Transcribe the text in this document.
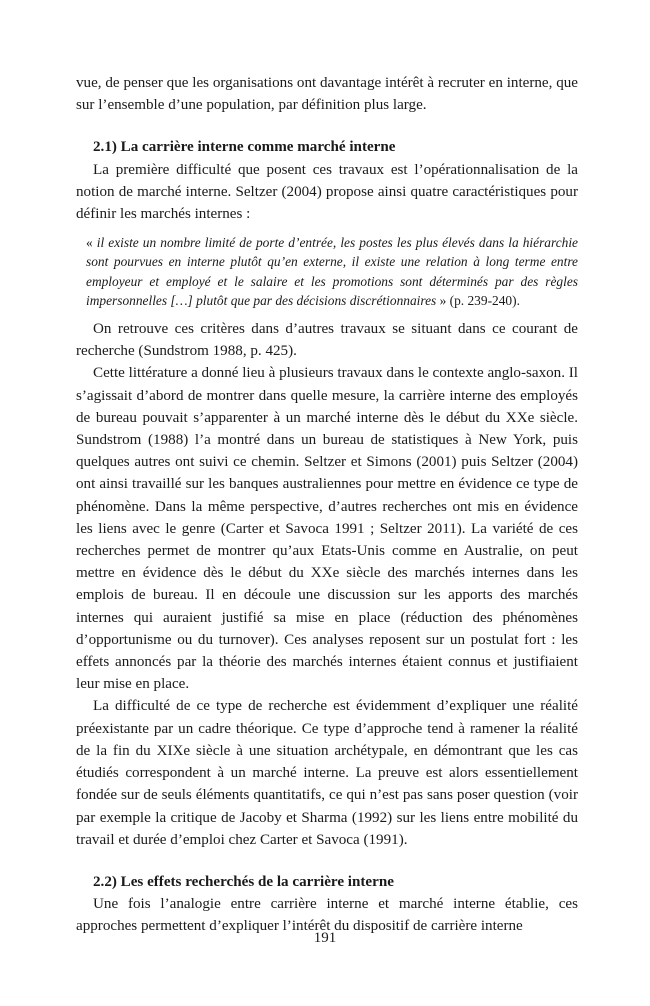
vue, de penser que les organisations ont davantage intérêt à recruter en interne, que sur l’ensemble d’une population, par définition plus large.

2.1) La carrière interne comme marché interne

La première difficulté que posent ces travaux est l’opérationnalisation de la notion de marché interne. Seltzer (2004) propose ainsi quatre caractéristiques pour définir les marchés internes :

« il existe un nombre limité de porte d’entrée, les postes les plus élevés dans la hiérarchie sont pourvues en interne plutôt qu’en externe, il existe une relation à long terme entre employeur et employé et le salaire et les promotions sont déterminés par des règles impersonnelles […] plutôt que par des décisions discrétionnaires » (p. 239-240).

On retrouve ces critères dans d’autres travaux se situant dans ce courant de recherche (Sundstrom 1988, p. 425).

Cette littérature a donné lieu à plusieurs travaux dans le contexte anglo-saxon. Il s’agissait d’abord de montrer dans quelle mesure, la carrière interne des employés de bureau pouvait s’apparenter à un marché interne dès le début du XXe siècle. Sundstrom (1988) l’a montré dans un bureau de statistiques à New York, puis quelques autres ont suivi ce chemin. Seltzer et Simons (2001) puis Seltzer (2004) ont ainsi travaillé sur les banques australiennes pour mettre en évidence ce type de phénomène. Dans la même perspective, d’autres recherches ont mis en évidence les liens avec le genre (Carter et Savoca 1991 ; Seltzer 2011). La variété de ces recherches permet de montrer qu’aux Etats-Unis comme en Australie, on peut mettre en évidence dès le début du XXe siècle des marchés internes dans les emplois de bureau. Il en découle une discussion sur les apports des marchés internes qui auraient justifié sa mise en place (réduction des phénomènes d’opportunisme ou du turnover). Ces analyses reposent sur un postulat fort : les effets annoncés par la théorie des marchés internes étaient connus et justifiaient leur mise en place.

La difficulté de ce type de recherche est évidemment d’expliquer une réalité préexistante par un cadre théorique. Ce type d’approche tend à ramener la réalité de la fin du XIXe siècle à une situation archétypale, en démontrant que les cas étudiés correspondent à un marché interne. La preuve est alors essentiellement fondée sur de seuls éléments quantitatifs, ce qui n’est pas sans poser question (voir par exemple la critique de Jacoby et Sharma (1992) sur les liens entre mobilité du travail et durée d’emploi chez Carter et Savoca (1991).

2.2) Les effets recherchés de la carrière interne

Une fois l’analogie entre carrière interne et marché interne établie, ces approches permettent d’expliquer l’intérêt du dispositif de carrière interne

191
